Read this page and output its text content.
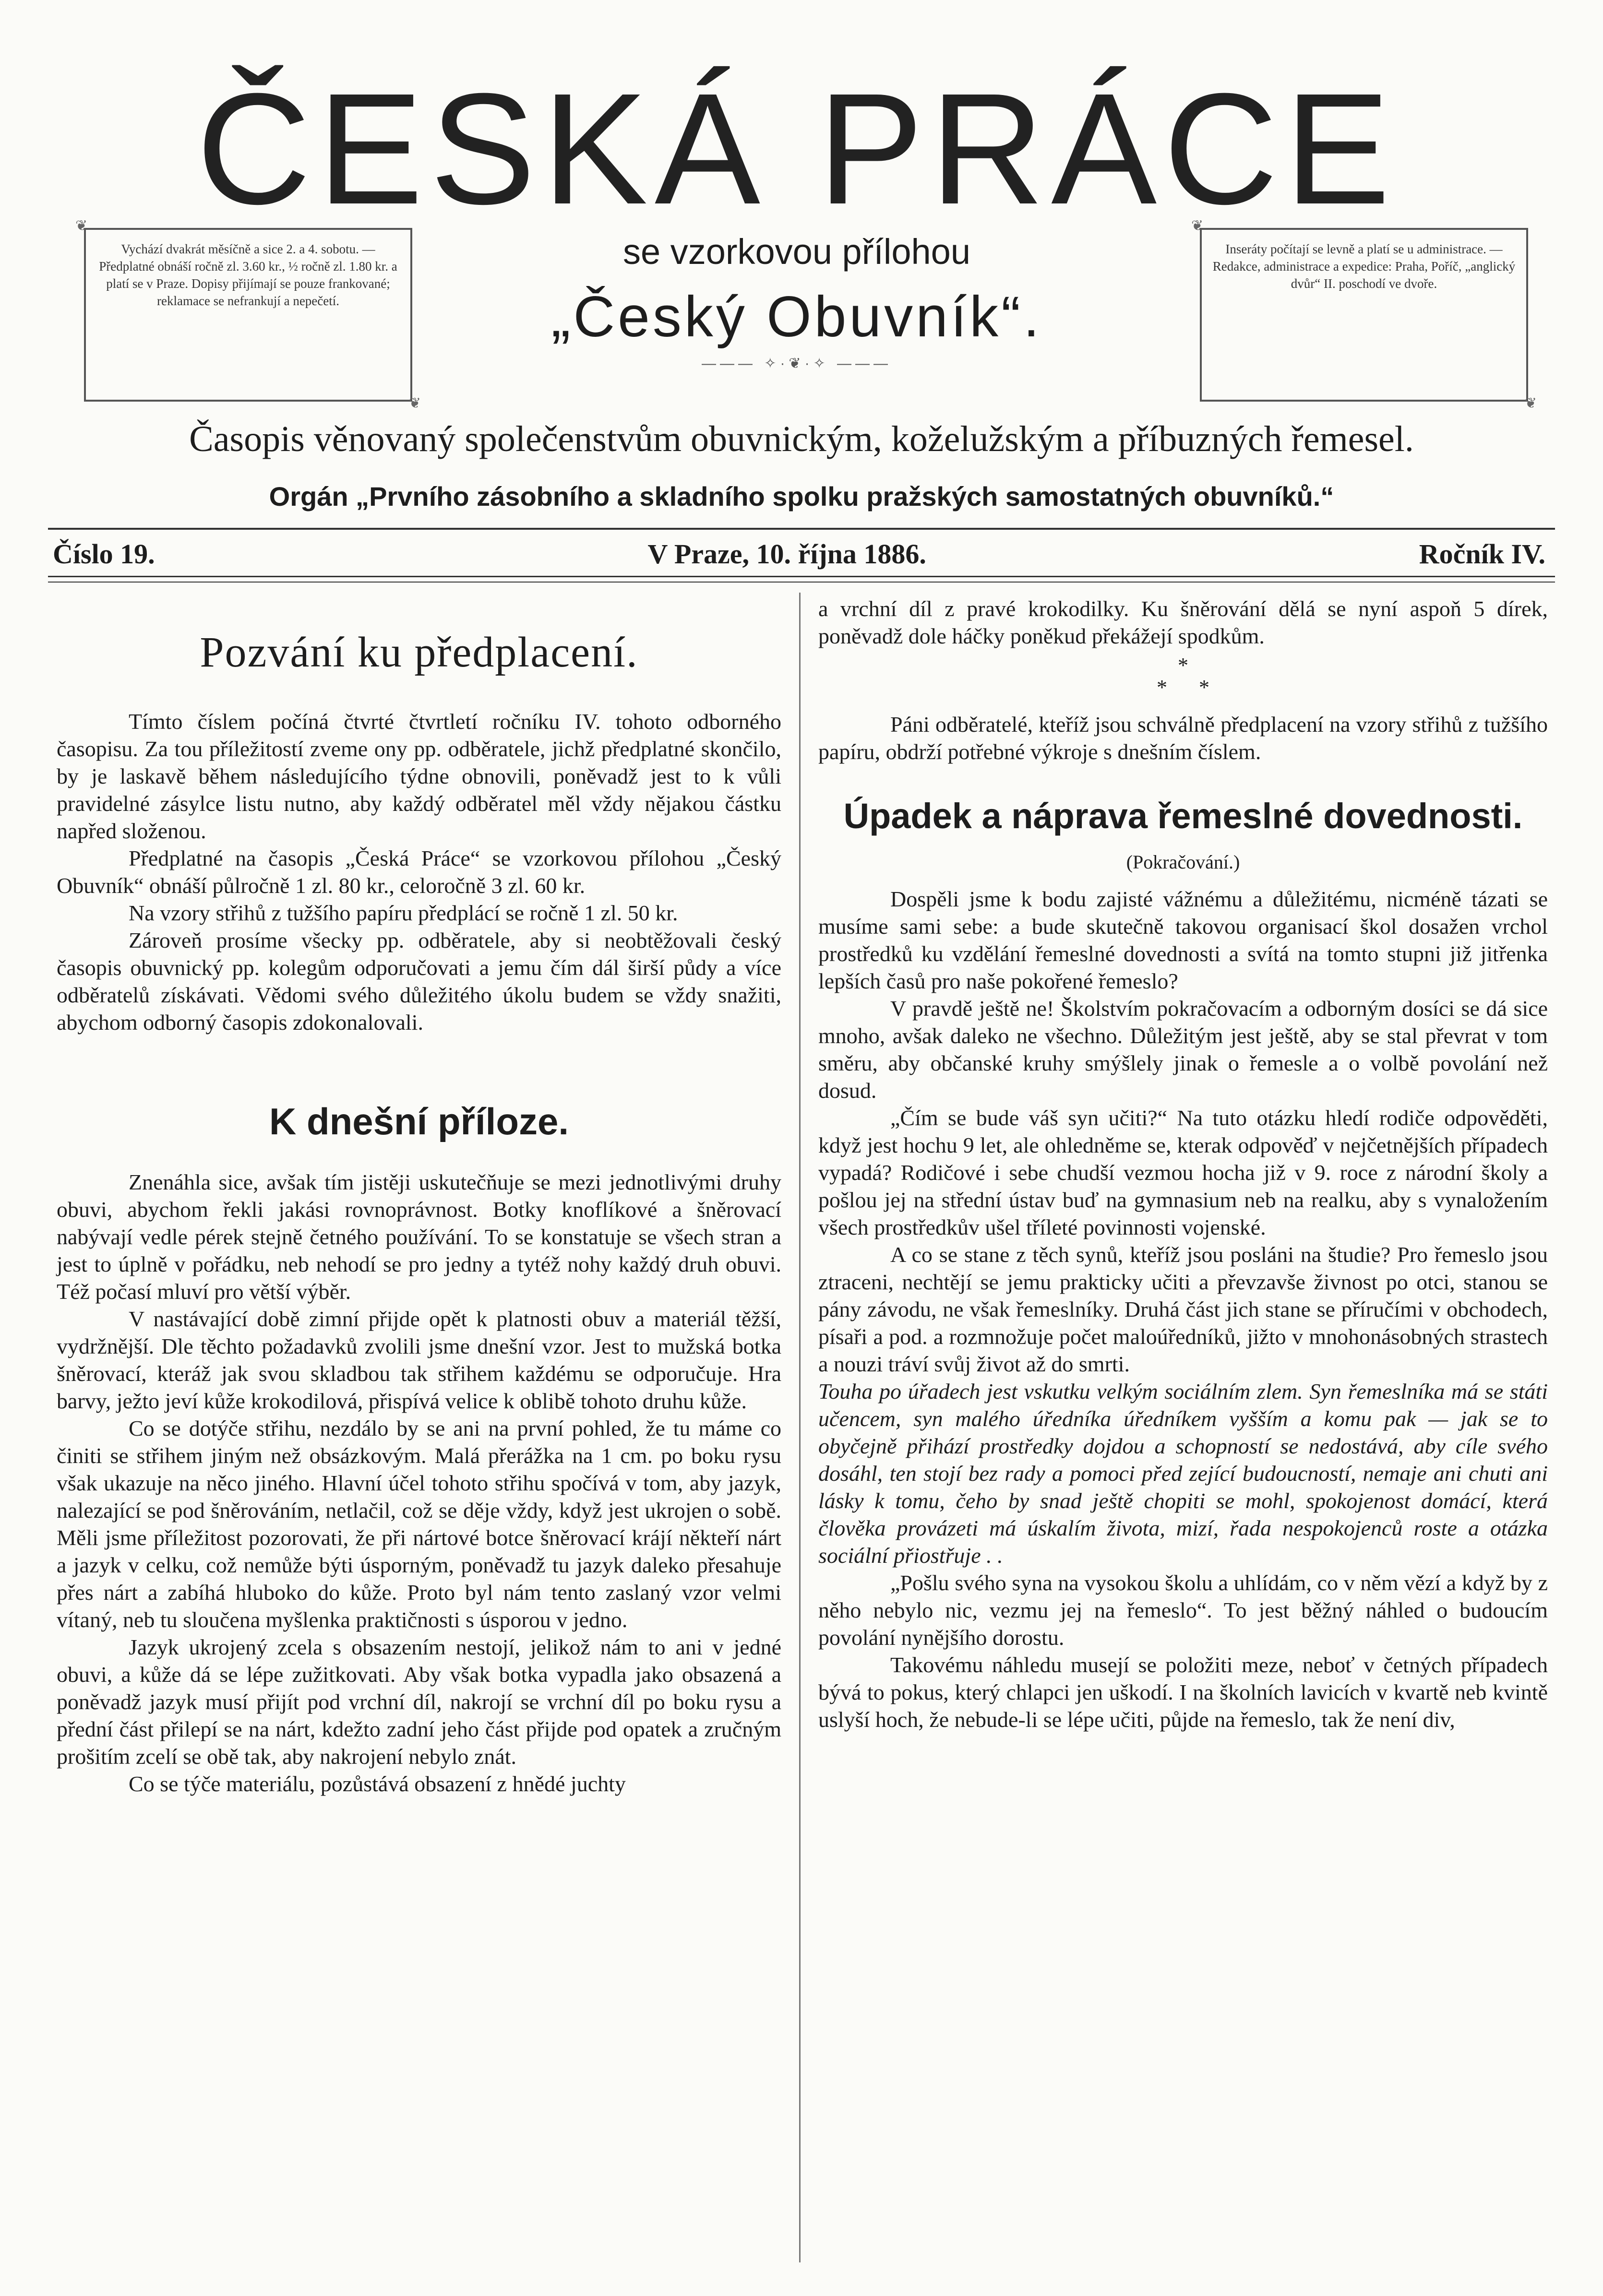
ČESKÁ PRÁCE
❦ Vychází dvakrát měsíčně a sice 2. a 4. sobotu. — Předplatné obnáší ročně zl. 3.60 kr., ½ ročně zl. 1.80 kr. a platí se v Praze. Dopisy přijímají se pouze frankované; reklamace se nefrankují a nepečetí. ❦
se vzorkovou přílohou
„Český Obuvník“.
——— ✧·❦·✧ ———
❦ Inseráty počítají se levně a platí se u administrace. — Redakce, administrace a expedice: Praha, Poříč, „anglický dvůr“ II. poschodí ve dvoře. ❦
Časopis věnovaný společenstvům obuvnickým, koželužským a příbuzných řemesel.
Orgán „Prvního zásobního a skladního spolku pražských samostatných obuvníků.“
Číslo 19.	V Praze, 10. října 1886.	Ročník IV.
Pozvání ku předplacení.

Tímto číslem počíná čtvrté čtvrtletí ročníku IV. tohoto odborného časopisu. Za tou příležitostí zveme ony pp. odběratele, jichž předplatné skončilo, by je laskavě během následujícího týdne obnovili, poněvadž jest to k vůli pravidelné zásylce listu nutno, aby každý odběratel měl vždy nějakou částku napřed složenou.

Předplatné na časopis „Česká Práce“ se vzorkovou přílohou „Český Obuvník“ obnáší půlročně 1 zl. 80 kr., celoročně 3 zl. 60 kr.

Na vzory střihů z tužšího papíru předplácí se ročně 1 zl. 50 kr.

Zároveň prosíme všecky pp. odběratele, aby si neobtěžovali český časopis obuvnický pp. kolegům odporučovati a jemu čím dál širší půdy a více odběratelů získávati. Vědomi svého důležitého úkolu budem se vždy snažiti, abychom odborný časopis zdokonalovali.

K dnešní příloze.

Znenáhla sice, avšak tím jistěji uskutečňuje se mezi jednotlivými druhy obuvi, abychom řekli jakási rovnoprávnost. Botky knoflíkové a šněrovací nabývají vedle pérek stejně četného používání. To se konstatuje se všech stran a jest to úplně v pořádku, neb nehodí se pro jedny a tytéž nohy každý druh obuvi. Též počasí mluví pro větší výběr.

V nastávající době zimní přijde opět k platnosti obuv a materiál těžší, vydržnější. Dle těchto požadavků zvolili jsme dnešní vzor. Jest to mužská botka šněrovací, kteráž jak svou skladbou tak střihem každému se odporučuje. Hra barvy, ježto jeví kůže krokodilová, přispívá velice k oblibě tohoto druhu kůže.

Co se dotýče střihu, nezdálo by se ani na první pohled, že tu máme co činiti se střihem jiným než obsázkovým. Malá přerážka na 1 cm. po boku rysu však ukazuje na něco jiného. Hlavní účel tohoto střihu spočívá v tom, aby jazyk, nalezající se pod šněrováním, netlačil, což se děje vždy, když jest ukrojen o sobě. Měli jsme příležitost pozorovati, že při nártové botce šněrovací krájí někteří nárt a jazyk v celku, což nemůže býti úsporným, poněvadž tu jazyk daleko přesahuje přes nárt a zabíhá hluboko do kůže. Proto byl nám tento zaslaný vzor velmi vítaný, neb tu sloučena myšlenka praktičnosti s úsporou v jedno.

Jazyk ukrojený zcela s obsazením nestojí, jelikož nám to ani v jedné obuvi, a kůže dá se lépe zužitkovati. Aby však botka vypadla jako obsazená a poněvadž jazyk musí přijít pod vrchní díl, nakrojí se vrchní díl po boku rysu a přední část přilepí se na nárt, kdežto zadní jeho část přijde pod opatek a zručným prošitím zcelí se obě tak, aby nakrojení nebylo znát.

Co se týče materiálu, pozůstává obsazení z hnědé juchty

a vrchní díl z pravé krokodilky. Ku šněrování dělá se nyní aspoň 5 dírek, poněvadž dole háčky poněkud překážejí spodkům.

*
*      *

Páni odběratelé, kteříž jsou schválně předplacení na vzory střihů z tužšího papíru, obdrží potřebné výkroje s dnešním číslem.

Úpadek a náprava řemeslné dovednosti.
(Pokračování.)

Dospěli jsme k bodu zajisté vážnému a důležitému, nicméně tázati se musíme sami sebe: a bude skutečně takovou organisací škol dosažen vrchol prostředků ku vzdělání řemeslné dovednosti a svítá na tomto stupni již jitřenka lepších časů pro naše pokořené řemeslo?

V pravdě ještě ne! Školstvím pokračovacím a odborným dosíci se dá sice mnoho, avšak daleko ne všechno. Důležitým jest ještě, aby se stal převrat v tom směru, aby občanské kruhy smýšlely jinak o řemesle a o volbě povolání než dosud.

„Čím se bude váš syn učiti?“ Na tuto otázku hledí rodiče odpověděti, když jest hochu 9 let, ale ohledněme se, kterak odpověď v nejčetnějších případech vypadá? Rodičové i sebe chudší vezmou hocha již v 9. roce z národní školy a pošlou jej na střední ústav buď na gymnasium neb na realku, aby s vynaložením všech prostředkův ušel tříleté povinnosti vojenské.

A co se stane z těch synů, kteříž jsou posláni na študie? Pro řemeslo jsou ztraceni, nechtějí se jemu prakticky učiti a převzavše živnost po otci, stanou se pány závodu, ne však řemeslníky. Druhá část jich stane se příručími v obchodech, písaři a pod. a rozmnožuje počet maloúředníků, jižto v mnohonásobných strastech a nouzi tráví svůj život až do smrti.

Touha po úřadech jest vskutku velkým sociálním zlem. Syn řemeslníka má se státi učencem, syn malého úředníka úředníkem vyšším a komu pak — jak se to obyčejně přihází prostředky dojdou a schopností se nedostává, aby cíle svého dosáhl, ten stojí bez rady a pomoci před zející budoucností, nemaje ani chuti ani lásky k tomu, čeho by snad ještě chopiti se mohl, spokojenost domácí, která člověka provázeti má úskalím života, mizí, řada nespokojenců roste a otázka sociální přiostřuje . .

„Pošlu svého syna na vysokou školu a uhlídám, co v něm vězí a když by z něho nebylo nic, vezmu jej na řemeslo“. To jest běžný náhled o budoucím povolání nynějšího dorostu.

Takovému náhledu musejí se položiti meze, neboť v četných případech bývá to pokus, který chlapci jen uškodí. I na školních lavicích v kvartě neb kvintě uslyší hoch, že nebude-li se lépe učiti, půjde na řemeslo, tak že není div,
